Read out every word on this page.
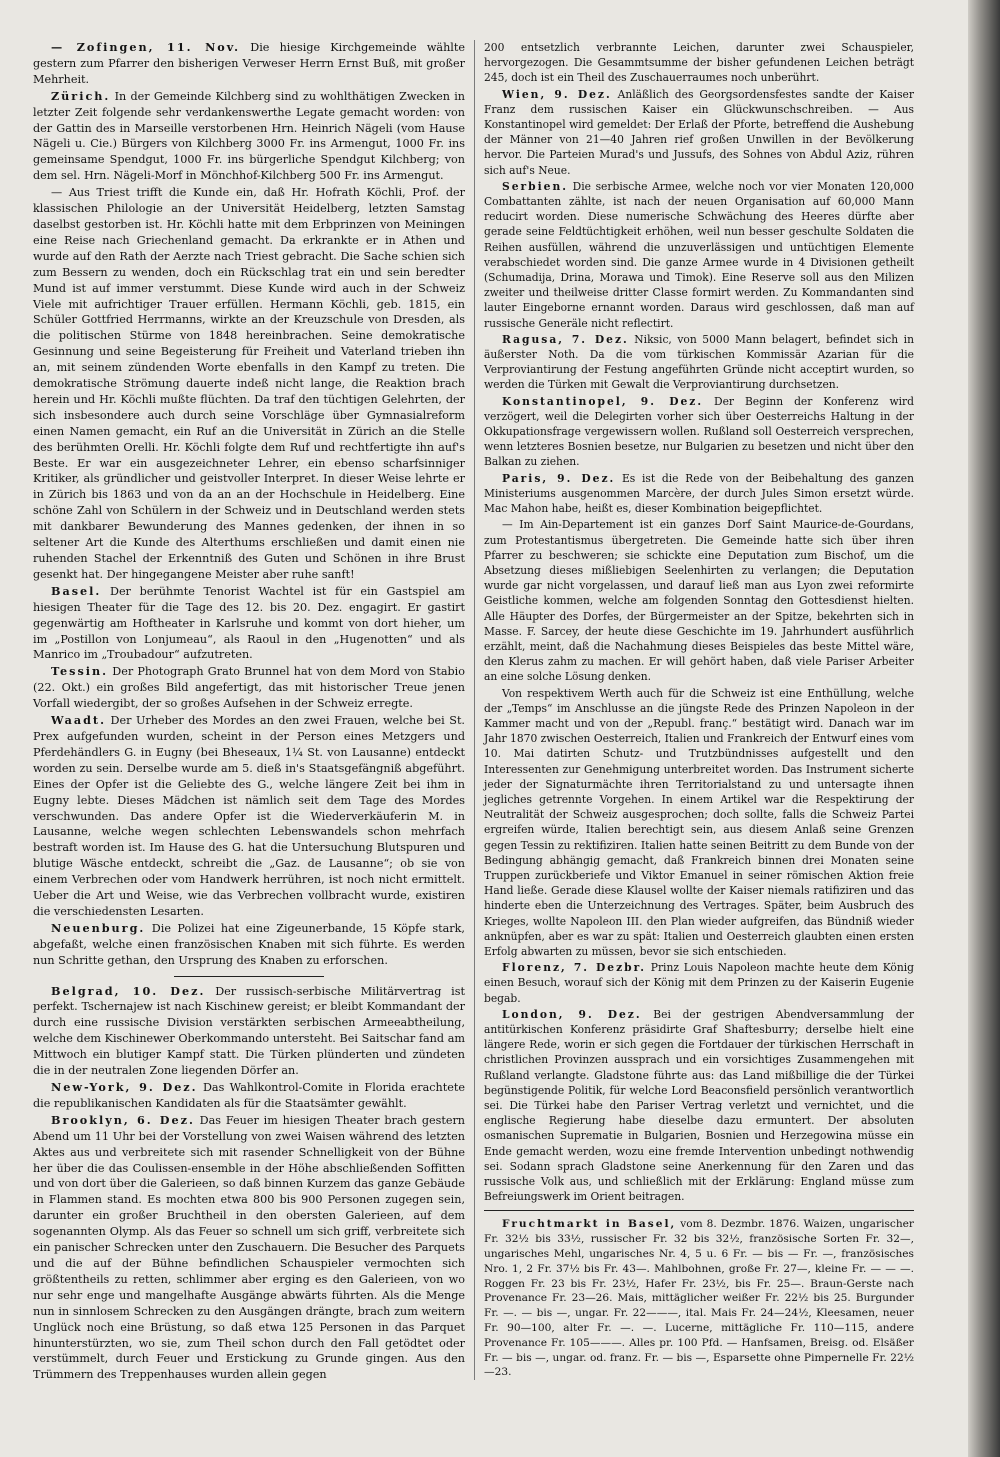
— Zofingen, 11. Nov. Die hiesige Kirchgemeinde wählte gestern zum Pfarrer den bisherigen Verweser Herrn Ernst Buß, mit großer Mehrheit.

Zürich. In der Gemeinde Kilchberg sind zu wohlthätigen Zwecken in letzter Zeit folgende sehr verdankenswerthe Legate gemacht worden: von der Gattin des in Marseille verstorbenen Hrn. Heinrich Nägeli (vom Hause Nägeli u. Cie.) Bürgers von Kilchberg 3000 Fr. ins Armengut, 1000 Fr. ins gemeinsame Spendgut, 1000 Fr. ins bürgerliche Spendgut Kilchberg; von dem sel. Hrn. Nägeli-Morf in Mönchhof-Kilchberg 500 Fr. ins Armengut.

— Aus Triest trifft die Kunde ein, daß Hr. Hofrath Köchli, Prof. der klassischen Philologie an der Universität Heidelberg, letzten Samstag daselbst gestorben ist. Hr. Köchli hatte mit dem Erbprinzen von Meiningen eine Reise nach Griechenland gemacht. Da erkrankte er in Athen und wurde auf den Rath der Aerzte nach Triest gebracht. Die Sache schien sich zum Bessern zu wenden, doch ein Rückschlag trat ein und sein beredter Mund ist auf immer verstummt. Diese Kunde wird auch in der Schweiz Viele mit aufrichtiger Trauer erfüllen. Hermann Köchli, geb. 1815, ein Schüler Gottfried Herrmanns, wirkte an der Kreuzschule von Dresden, als die politischen Stürme von 1848 hereinbrachen. Seine demokratische Gesinnung und seine Begeisterung für Freiheit und Vaterland trieben ihn an, mit seinem zündenden Worte ebenfalls in den Kampf zu treten. Die demokratische Strömung dauerte indeß nicht lange, die Reaktion brach herein und Hr. Köchli mußte flüchten. Da traf den tüchtigen Gelehrten, der sich insbesondere auch durch seine Vorschläge über Gymnasialreform einen Namen gemacht, ein Ruf an die Universität in Zürich an die Stelle des berühmten Orelli. Hr. Köchli folgte dem Ruf und rechtfertigte ihn auf's Beste. Er war ein ausgezeichneter Lehrer, ein ebenso scharfsinniger Kritiker, als gründlicher und geistvoller Interpret. In dieser Weise lehrte er in Zürich bis 1863 und von da an an der Hochschule in Heidelberg. Eine schöne Zahl von Schülern in der Schweiz und in Deutschland werden stets mit dankbarer Bewunderung des Mannes gedenken, der ihnen in so seltener Art die Kunde des Alterthums erschließen und damit einen nie ruhenden Stachel der Erkenntniß des Guten und Schönen in ihre Brust gesenkt hat. Der hingegangene Meister aber ruhe sanft!

Basel. Der berühmte Tenorist Wachtel ist für ein Gastspiel am hiesigen Theater für die Tage des 12. bis 20. Dez. engagirt. Er gastirt gegenwärtig am Hoftheater in Karlsruhe und kommt von dort hieher, um im „Postillon von Lonjumeau“, als Raoul in den „Hugenotten“ und als Manrico im „Troubadour“ aufzutreten.

Tessin. Der Photograph Grato Brunnel hat von dem Mord von Stabio (22. Okt.) ein großes Bild angefertigt, das mit historischer Treue jenen Vorfall wiedergibt, der so großes Aufsehen in der Schweiz erregte.

Waadt. Der Urheber des Mordes an den zwei Frauen, welche bei St. Prex aufgefunden wurden, scheint in der Person eines Metzgers und Pferdehändlers G. in Eugny (bei Bheseaux, 1¼ St. von Lausanne) entdeckt worden zu sein. Derselbe wurde am 5. dieß in's Staatsgefängniß abgeführt. Eines der Opfer ist die Geliebte des G., welche längere Zeit bei ihm in Eugny lebte. Dieses Mädchen ist nämlich seit dem Tage des Mordes verschwunden. Das andere Opfer ist die Wiederverkäuferin M. in Lausanne, welche wegen schlechten Lebenswandels schon mehrfach bestraft worden ist. Im Hause des G. hat die Untersuchung Blutspuren und blutige Wäsche entdeckt, schreibt die „Gaz. de Lausanne“; ob sie von einem Verbrechen oder vom Handwerk herrühren, ist noch nicht ermittelt. Ueber die Art und Weise, wie das Verbrechen vollbracht wurde, existiren die verschiedensten Lesarten.

Neuenburg. Die Polizei hat eine Zigeunerbande, 15 Köpfe stark, abgefaßt, welche einen französischen Knaben mit sich führte. Es werden nun Schritte gethan, den Ursprung des Knaben zu erforschen.

Belgrad, 10. Dez. Der russisch-serbische Militärvertrag ist perfekt. Tschernajew ist nach Kischinew gereist; er bleibt Kommandant der durch eine russische Division verstärkten serbischen Armeeabtheilung, welche dem Kischinewer Oberkommando untersteht. Bei Saitschar fand am Mittwoch ein blutiger Kampf statt. Die Türken plünderten und zündeten die in der neutralen Zone liegenden Dörfer an.

New-York, 9. Dez. Das Wahlkontrol-Comite in Florida erachtete die republikanischen Kandidaten als für die Staatsämter gewählt.

Brooklyn, 6. Dez. Das Feuer im hiesigen Theater brach gestern Abend um 11 Uhr bei der Vorstellung von zwei Waisen während des letzten Aktes aus und verbreitete sich mit rasender Schnelligkeit von der Bühne her über die das Coulissen-ensemble in der Höhe abschließenden Soffitten und von dort über die Galerieen, so daß binnen Kurzem das ganze Gebäude in Flammen stand. Es mochten etwa 800 bis 900 Personen zugegen sein, darunter ein großer Bruchtheil in den obersten Galerieen, auf dem sogenannten Olymp. Als das Feuer so schnell um sich griff, verbreitete sich ein panischer Schrecken unter den Zuschauern. Die Besucher des Parquets und die auf der Bühne befindlichen Schauspieler vermochten sich größtentheils zu retten, schlimmer aber erging es den Galerieen, von wo nur sehr enge und mangelhafte Ausgänge abwärts führten. Als die Menge nun in sinnlosem Schrecken zu den Ausgängen drängte, brach zum weitern Unglück noch eine Brüstung, so daß etwa 125 Personen in das Parquet hinunterstürzten, wo sie, zum Theil schon durch den Fall getödtet oder verstümmelt, durch Feuer und Erstickung zu Grunde gingen. Aus den Trümmern des Treppenhauses wurden allein gegen

200 entsetzlich verbrannte Leichen, darunter zwei Schauspieler, hervorgezogen. Die Gesammtsumme der bisher gefundenen Leichen beträgt 245, doch ist ein Theil des Zuschauerraumes noch unberührt.

Wien, 9. Dez. Anläßlich des Georgsordensfestes sandte der Kaiser Franz dem russischen Kaiser ein Glückwunschschreiben. — Aus Konstantinopel wird gemeldet: Der Erlaß der Pforte, betreffend die Aushebung der Männer von 21—40 Jahren rief großen Unwillen in der Bevölkerung hervor. Die Parteien Murad's und Jussufs, des Sohnes von Abdul Aziz, rühren sich auf's Neue.

Serbien. Die serbische Armee, welche noch vor vier Monaten 120,000 Combattanten zählte, ist nach der neuen Organisation auf 60,000 Mann reducirt worden. Diese numerische Schwächung des Heeres dürfte aber gerade seine Feldtüchtigkeit erhöhen, weil nun besser geschulte Soldaten die Reihen ausfüllen, während die unzuverlässigen und untüchtigen Elemente verabschiedet worden sind. Die ganze Armee wurde in 4 Divisionen getheilt (Schumadija, Drina, Morawa und Timok). Eine Reserve soll aus den Milizen zweiter und theilweise dritter Classe formirt werden. Zu Kommandanten sind lauter Eingeborne ernannt worden. Daraus wird geschlossen, daß man auf russische Generäle nicht reflectirt.

Ragusa, 7. Dez. Niksic, von 5000 Mann belagert, befindet sich in äußerster Noth. Da die vom türkischen Kommissär Azarian für die Verproviantirung der Festung angeführten Gründe nicht acceptirt wurden, so werden die Türken mit Gewalt die Verproviantirung durchsetzen.

Konstantinopel, 9. Dez. Der Beginn der Konferenz wird verzögert, weil die Delegirten vorher sich über Oesterreichs Haltung in der Okkupationsfrage vergewissern wollen. Rußland soll Oesterreich versprechen, wenn letzteres Bosnien besetze, nur Bulgarien zu besetzen und nicht über den Balkan zu ziehen.

Paris, 9. Dez. Es ist die Rede von der Beibehaltung des ganzen Ministeriums ausgenommen Marcère, der durch Jules Simon ersetzt würde. Mac Mahon habe, heißt es, dieser Kombination beigepflichtet.

— Im Ain-Departement ist ein ganzes Dorf Saint Maurice-de-Gourdans, zum Protestantismus übergetreten. Die Gemeinde hatte sich über ihren Pfarrer zu beschweren; sie schickte eine Deputation zum Bischof, um die Absetzung dieses mißliebigen Seelenhirten zu verlangen; die Deputation wurde gar nicht vorgelassen, und darauf ließ man aus Lyon zwei reformirte Geistliche kommen, welche am folgenden Sonntag den Gottesdienst hielten. Alle Häupter des Dorfes, der Bürgermeister an der Spitze, bekehrten sich in Masse. F. Sarcey, der heute diese Geschichte im 19. Jahrhundert ausführlich erzählt, meint, daß die Nachahmung dieses Beispieles das beste Mittel wäre, den Klerus zahm zu machen. Er will gehört haben, daß viele Pariser Arbeiter an eine solche Lösung denken.

Von respektivem Werth auch für die Schweiz ist eine Enthüllung, welche der „Temps“ im Anschlusse an die jüngste Rede des Prinzen Napoleon in der Kammer macht und von der „Republ. franç.“ bestätigt wird. Danach war im Jahr 1870 zwischen Oesterreich, Italien und Frankreich der Entwurf eines vom 10. Mai datirten Schutz- und Trutzbündnisses aufgestellt und den Interessenten zur Genehmigung unterbreitet worden. Das Instrument sicherte jeder der Signaturmächte ihren Territorialstand zu und untersagte ihnen jegliches getrennte Vorgehen. In einem Artikel war die Respektirung der Neutralität der Schweiz ausgesprochen; doch sollte, falls die Schweiz Partei ergreifen würde, Italien berechtigt sein, aus diesem Anlaß seine Grenzen gegen Tessin zu rektifiziren. Italien hatte seinen Beitritt zu dem Bunde von der Bedingung abhängig gemacht, daß Frankreich binnen drei Monaten seine Truppen zurückberiefe und Viktor Emanuel in seiner römischen Aktion freie Hand ließe. Gerade diese Klausel wollte der Kaiser niemals ratifiziren und das hinderte eben die Unterzeichnung des Vertrages. Später, beim Ausbruch des Krieges, wollte Napoleon III. den Plan wieder aufgreifen, das Bündniß wieder anknüpfen, aber es war zu spät: Italien und Oesterreich glaubten einen ersten Erfolg abwarten zu müssen, bevor sie sich entschieden.

Florenz, 7. Dezbr. Prinz Louis Napoleon machte heute dem König einen Besuch, worauf sich der König mit dem Prinzen zu der Kaiserin Eugenie begab.

London, 9. Dez. Bei der gestrigen Abendversammlung der antitürkischen Konferenz präsidirte Graf Shaftesburry; derselbe hielt eine längere Rede, worin er sich gegen die Fortdauer der türkischen Herrschaft in christlichen Provinzen aussprach und ein vorsichtiges Zusammengehen mit Rußland verlangte. Gladstone führte aus: das Land mißbillige die der Türkei begünstigende Politik, für welche Lord Beaconsfield persönlich verantwortlich sei. Die Türkei habe den Pariser Vertrag verletzt und vernichtet, und die englische Regierung habe dieselbe dazu ermuntert. Der absoluten osmanischen Suprematie in Bulgarien, Bosnien und Herzegowina müsse ein Ende gemacht werden, wozu eine fremde Intervention unbedingt nothwendig sei. Sodann sprach Gladstone seine Anerkennung für den Zaren und das russische Volk aus, und schließlich mit der Erklärung: England müsse zum Befreiungswerk im Orient beitragen.

Fruchtmarkt in Basel, vom 8. Dezmbr. 1876. Waizen, ungarischer Fr. 32½ bis 33½, russischer Fr. 32 bis 32½, französische Sorten Fr. 32—, ungarisches Mehl, ungarisches Nr. 4, 5 u. 6 Fr. — bis — Fr. —, französisches Nro. 1, 2 Fr. 37½ bis Fr. 43—. Mahlbohnen, große Fr. 27—, kleine Fr. — — —. Roggen Fr. 23 bis Fr. 23½, Hafer Fr. 23½, bis Fr. 25—. Braun-Gerste nach Provenance Fr. 23—26. Mais, mittäglicher weißer Fr. 22½ bis 25. Burgunder Fr. —. — bis —, ungar. Fr. 22———, ital. Mais Fr. 24—24½, Kleesamen, neuer Fr. 90—100, alter Fr. —. —. Lucerne, mittägliche Fr. 110—115, andere Provenance Fr. 105———. Alles pr. 100 Pfd. — Hanfsamen, Breisg. od. Elsäßer Fr. — bis —, ungar. od. franz. Fr. — bis —, Esparsette ohne Pimpernelle Fr. 22½—23.
